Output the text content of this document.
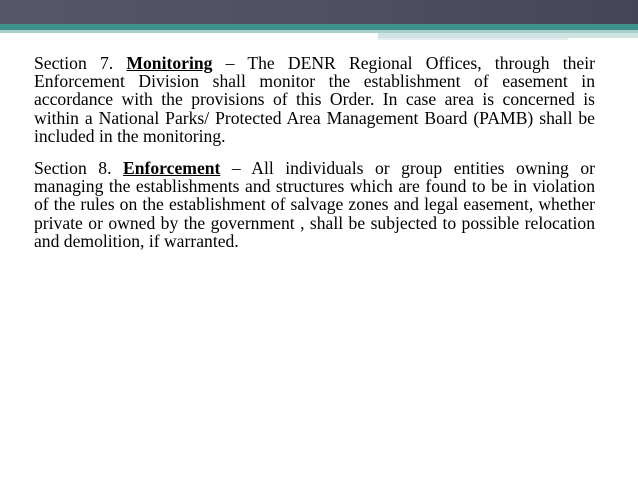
Section 7. Monitoring – The DENR Regional Offices, through their Enforcement Division shall monitor the establishment of easement in accordance with the provisions of this Order. In case area is concerned is within a National Parks/ Protected Area Management Board (PAMB) shall be included in the monitoring.

Section 8. Enforcement – All individuals or group entities owning or managing the establishments and structures which are found to be in violation of the rules on the establishment of salvage zones and legal easement, whether private or owned by the government , shall be subjected to possible relocation and demolition, if warranted.
